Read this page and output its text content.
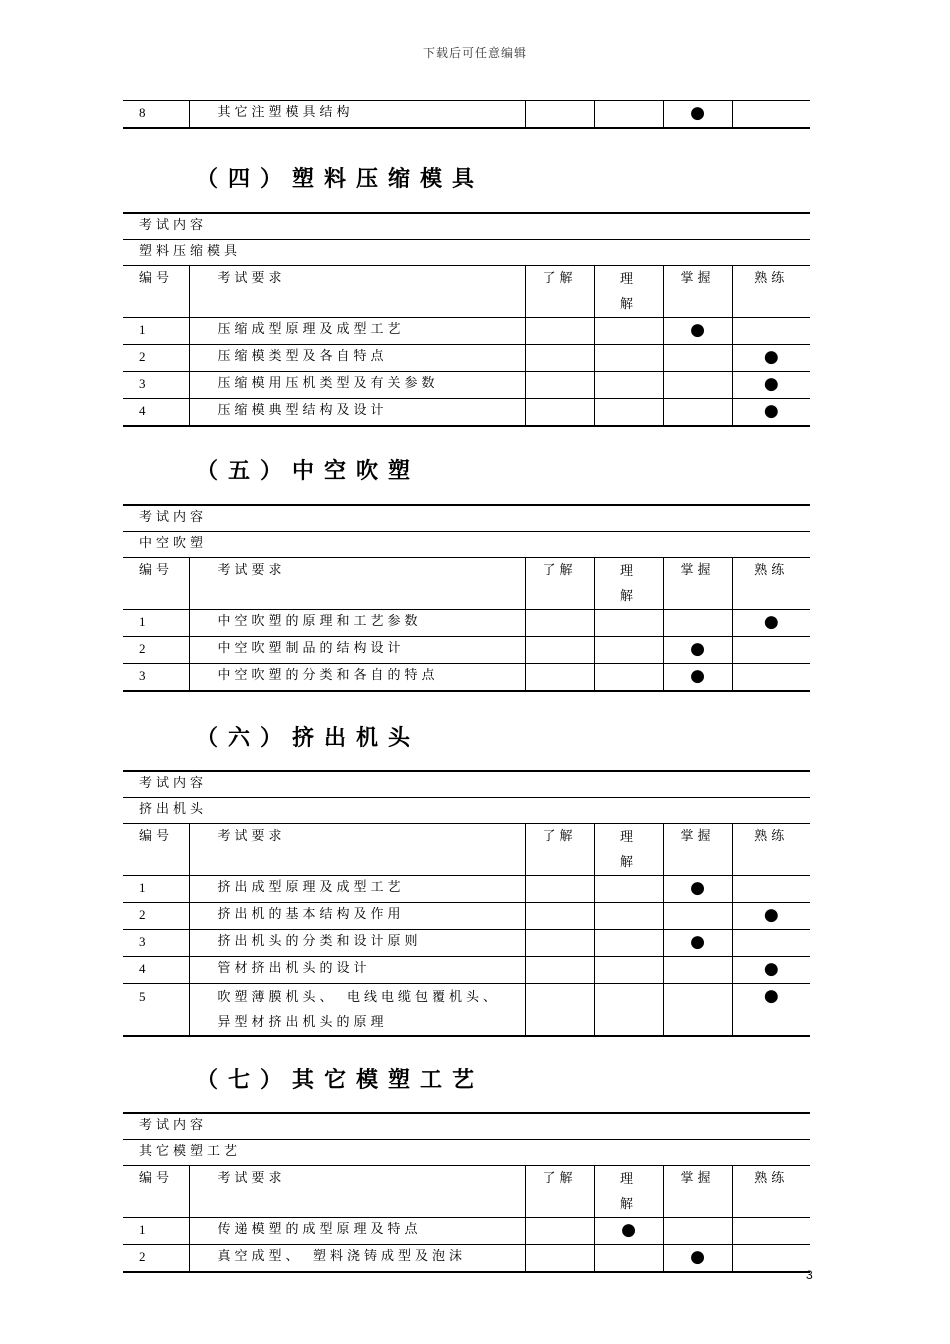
下载后可任意编辑
8	其它注塑模具结构			●	
（四）塑料压缩模具
考试内容					
塑料压缩模具					
编号	考试要求	了解	理 解	掌握	熟练
1	压缩成型原理及成型工艺			●	
2	压缩模类型及各自特点				●
3	压缩模用压机类型及有关参数				●
4	压缩模典型结构及设计				●
（五）中空吹塑
考试内容					
中空吹塑					
编号	考试要求	了解	理 解	掌握	熟练
1	中空吹塑的原理和工艺参数				●
2	中空吹塑制品的结构设计			●	
3	中空吹塑的分类和各自的特点			●	
（六）挤出机头
考试内容					
挤出机头					
编号	考试要求	了解	理 解	掌握	熟练
1	挤出成型原理及成型工艺			●	
2	挤出机的基本结构及作用				●
3	挤出机头的分类和设计原则			●	
4	管材挤出机头的设计				●
5	吹塑薄膜机头、　电线电缆包覆机头、　异型材挤出机头的原理				●
（七）其它模塑工艺
考试内容					
其它模塑工艺					
编号	考试要求	了解	理 解	掌握	熟练
1	传递模塑的成型原理及特点		●		
2	真空成型、　塑料浇铸成型及泡沫			●	
3
